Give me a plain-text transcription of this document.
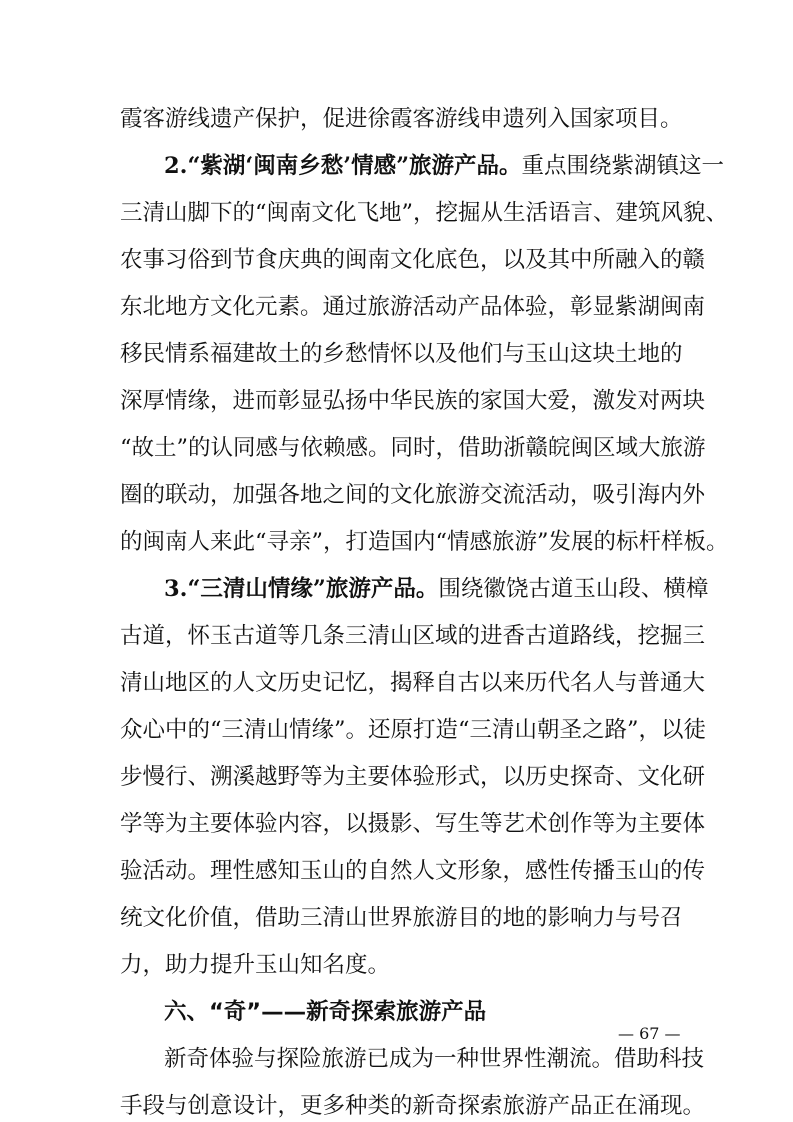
霞客游线遗产保护，促进徐霞客游线申遗列入国家项目。
2.“紫湖‘闽南乡愁’情感”旅游产品。重点围绕紫湖镇这一
三清山脚下的“闽南文化飞地”，挖掘从生活语言、建筑风貌、
农事习俗到节食庆典的闽南文化底色，以及其中所融入的赣
东北地方文化元素。通过旅游活动产品体验，彰显紫湖闽南
移民情系福建故土的乡愁情怀以及他们与玉山这块土地的
深厚情缘，进而彰显弘扬中华民族的家国大爱，激发对两块
“故土”的认同感与依赖感。同时，借助浙赣皖闽区域大旅游
圈的联动，加强各地之间的文化旅游交流活动，吸引海内外
的闽南人来此“寻亲”，打造国内“情感旅游”发展的标杆样板。
3.“三清山情缘”旅游产品。围绕徽饶古道玉山段、横樟
古道，怀玉古道等几条三清山区域的进香古道路线，挖掘三
清山地区的人文历史记忆，揭释自古以来历代名人与普通大
众心中的“三清山情缘”。还原打造“三清山朝圣之路”，以徒
步慢行、溯溪越野等为主要体验形式，以历史探奇、文化研
学等为主要体验内容，以摄影、写生等艺术创作等为主要体
验活动。理性感知玉山的自然人文形象，感性传播玉山的传
统文化价值，借助三清山世界旅游目的地的影响力与号召
力，助力提升玉山知名度。
六、“奇”——新奇探索旅游产品
新奇体验与探险旅游已成为一种世界性潮流。借助科技
手段与创意设计，更多种类的新奇探索旅游产品正在涌现。
— 67 —
